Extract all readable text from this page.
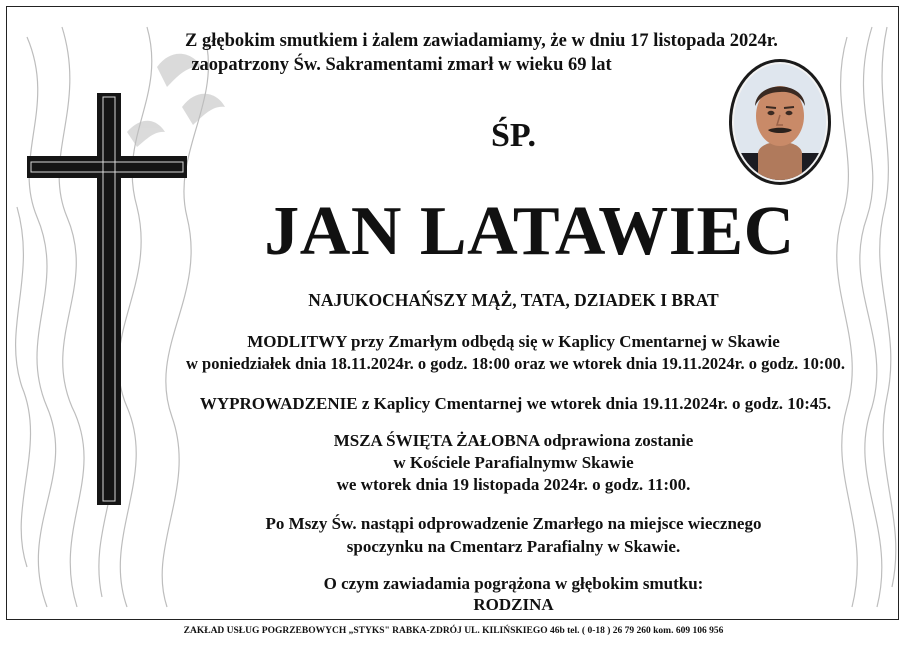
Z głębokim smutkiem i żalem zawiadamiamy, że w dniu 17 listopada 2024r.
zaopatrzony Św. Sakramentami zmarł w wieku 69 lat
ŚP.
JAN LATAWIEC
NAJUKOCHAŃSZY MĄŻ, TATA, DZIADEK I BRAT
MODLITWY przy Zmarłym odbędą się w Kaplicy Cmentarnej w Skawie
w poniedziałek dnia 18.11.2024r. o godz. 18:00 oraz we wtorek dnia 19.11.2024r. o godz. 10:00.
WYPROWADZENIE z Kaplicy Cmentarnej we wtorek dnia 19.11.2024r. o godz. 10:45.
MSZA ŚWIĘTA ŻAŁOBNA odprawiona zostanie
w Kościele Parafialnymw Skawie
we wtorek dnia 19 listopada 2024r. o godz. 11:00.
Po Mszy Św. nastąpi odprowadzenie Zmarłego na miejsce wiecznego
spoczynku na Cmentarz Parafialny w Skawie.
O czym zawiadamia pogrążona w głębokim smutku:
RODZINA
ZAKŁAD USŁUG POGRZEBOWYCH „STYKS" RABKA-ZDRÓJ UL. KILIŃSKIEGO 46b tel. ( 0-18 ) 26 79 260 kom. 609 106 956
